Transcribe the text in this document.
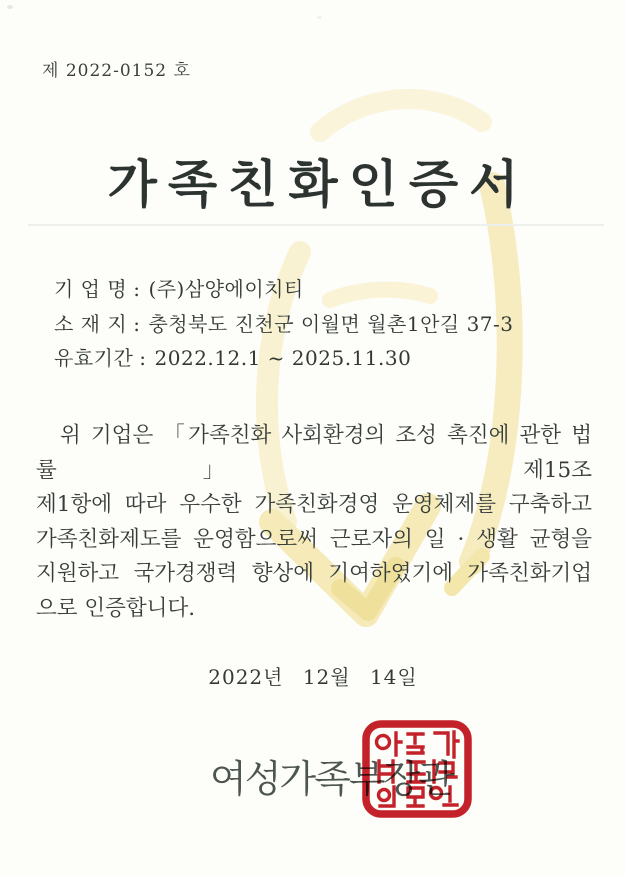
제 2022-0152 호
가족친화인증서
기 업 명 : (주)삼양에이치티
소 재 지 : 충청북도 진천군 이월면 월촌1안길 37-3
유효기간 : 2022.12.1 ~ 2025.11.30
위 기업은 「가족친화 사회환경의 조성 촉진에 관한 법률」 제15조
제1항에 따라 우수한 가족친화경영 운영체제를 구축하고
가족친화제도를 운영함으로써 근로자의 일 · 생활 균형을
지원하고 국가경쟁력 향상에 기여하였기에 가족친화기업
으로 인증합니다.
2022년 12월 14일
여성가족부장관
